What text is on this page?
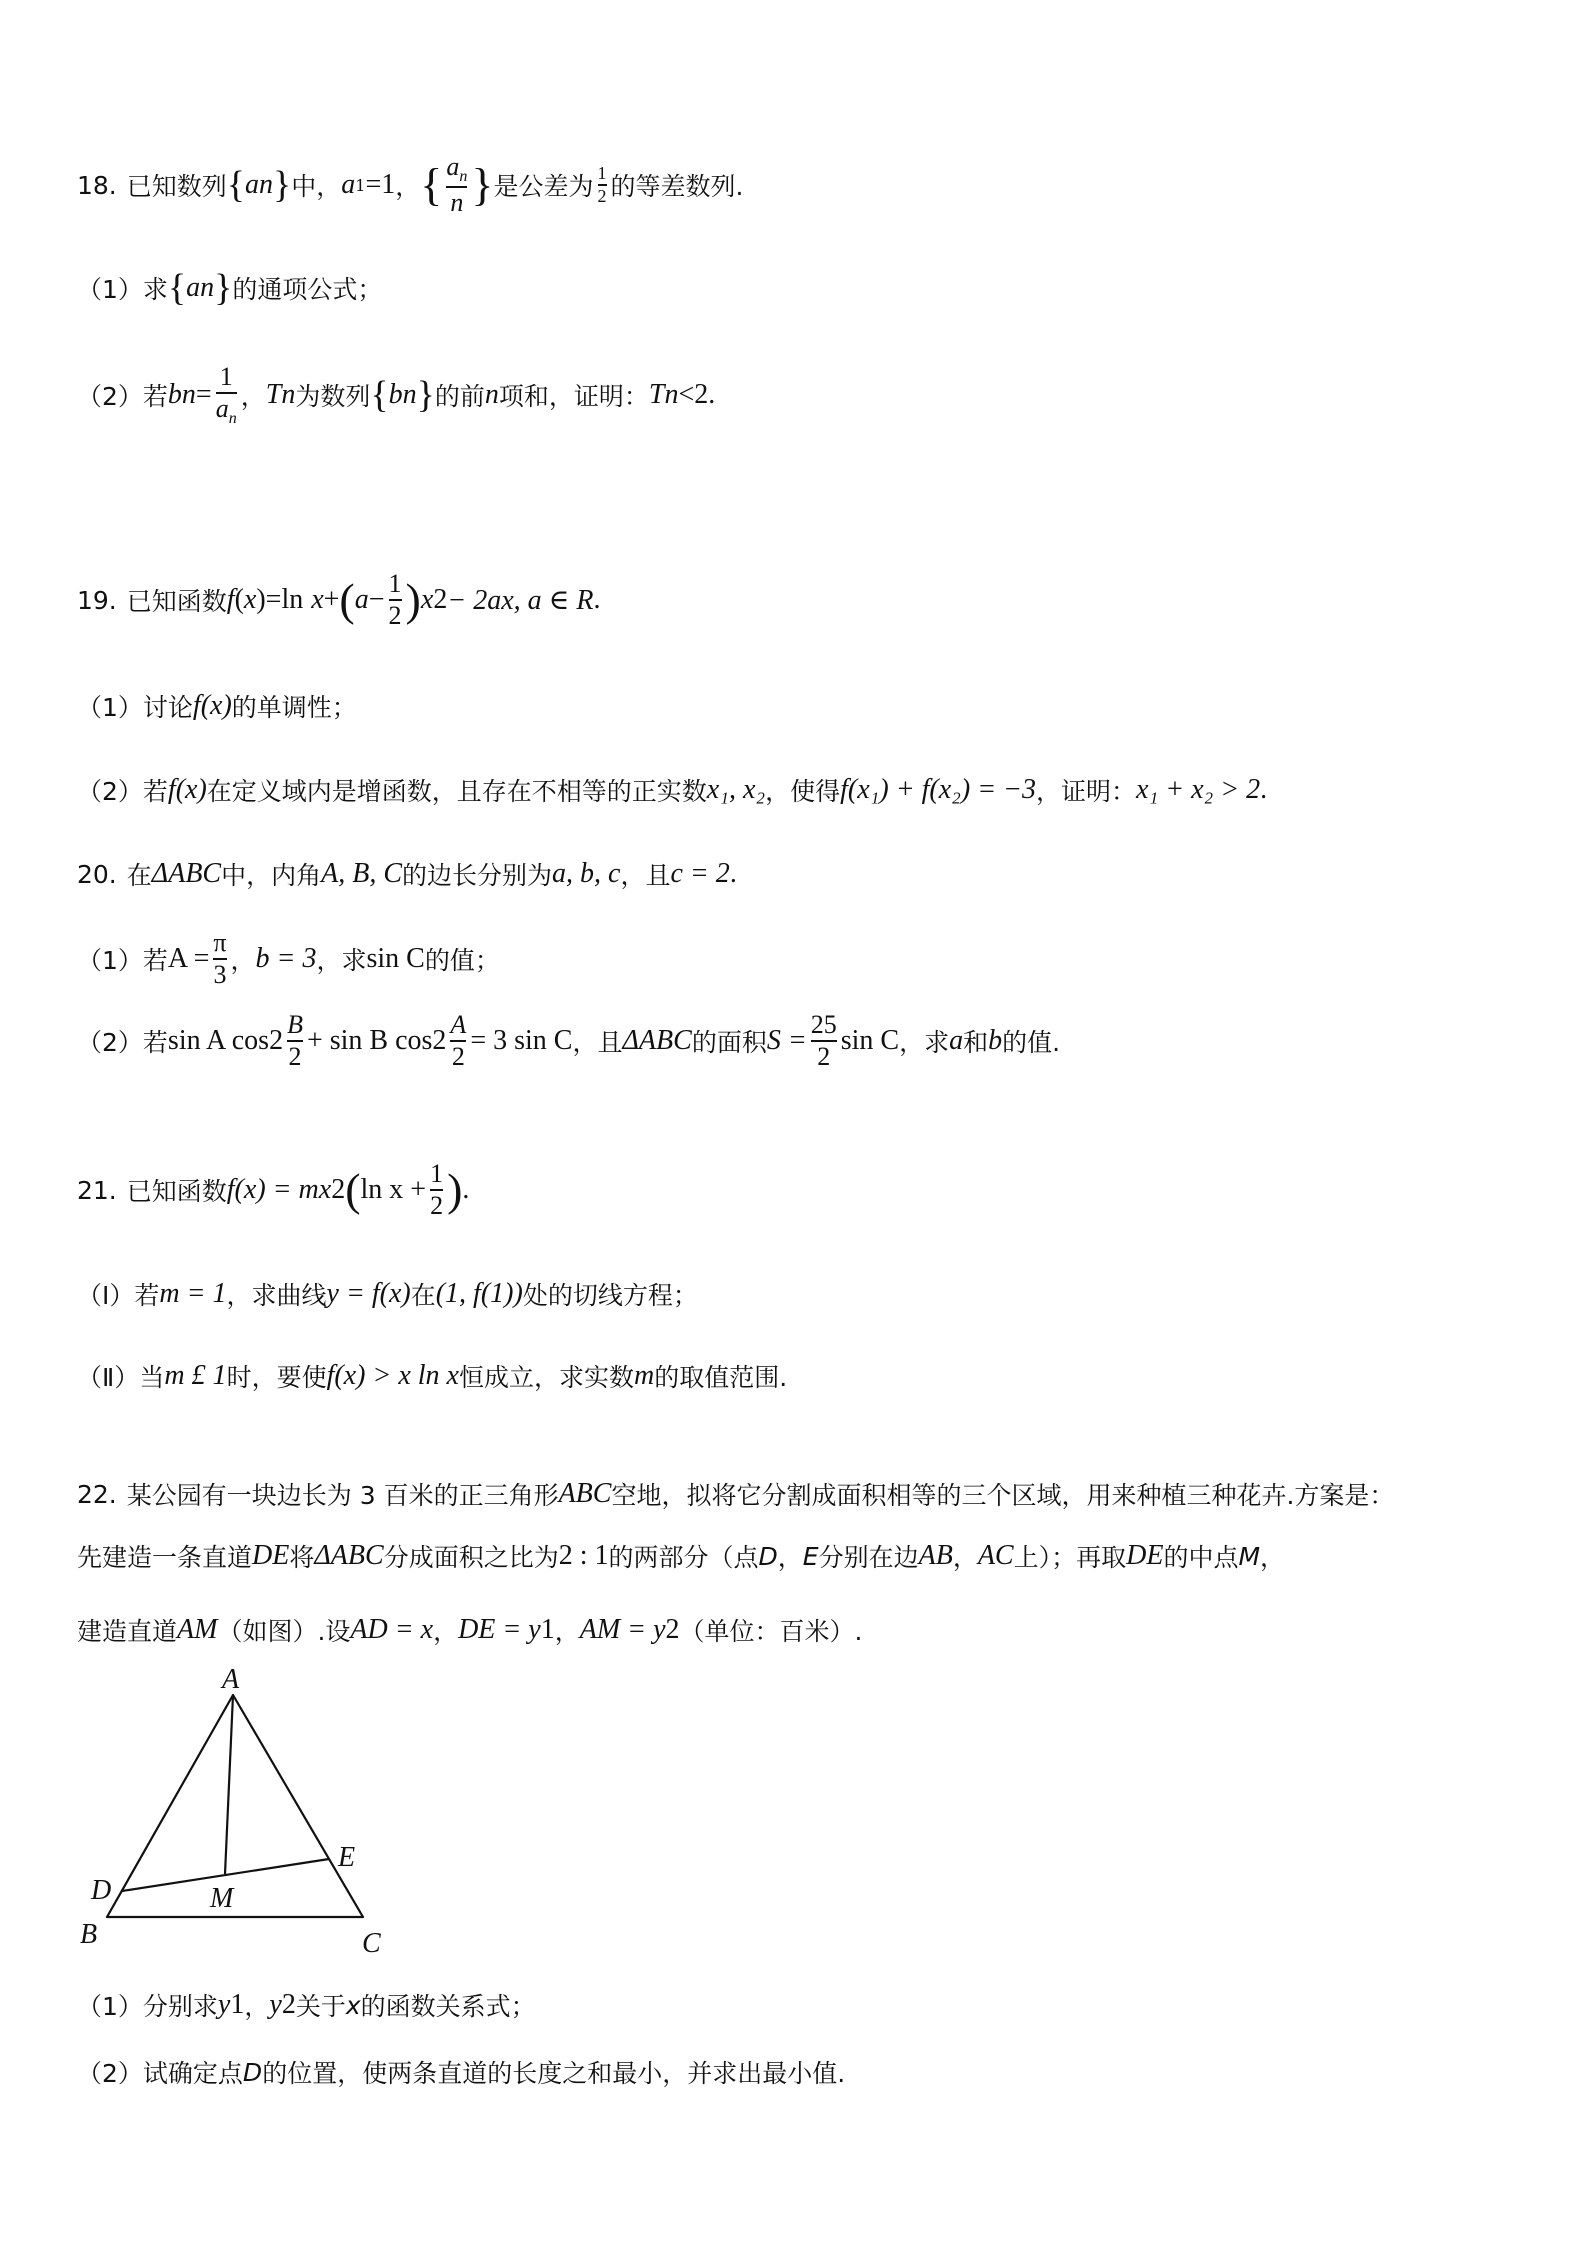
18. 已知数列 { a n } 中， a 1 =1 ， { $\frac{a_n}{n}$ } 是公差为 $\frac{1}{2}$ 的等差数列.
（1） 求 { a n } 的通项公式；
（2） 若 b $n = \frac{1}{a_n}$ ， T n 为数列 { b n } 的前 n 项和，证明： T n <2 .
19. 已知函数 f ( x ) = ln
x + ( $a - \frac{1}{2}$ ) x 2 − 2ax, a ∈ R .
（1） 讨论 f(x) 的单调性；
（2） 若 f(x) 在定义域内是增函数，且存在不相等的正实数 x₁, x₂ ，使得 f(x₁) + f(x₂) = −3 ，证明： x₁ + x₂ > 2 .
20. 在 ΔABC 中，内角 A, B, C 的边长分别为 a, b, c ，且 c = 2 .
（1） 若 $A = \frac{\pi}{3}$ ， b = 3 ，求 sin C 的值；
（2） 若 sin A $\cos 2 \frac{B}{2} + \sin B$ $\cos 2 \frac{A}{2} = 3$ sin C ，且 ΔABC 的面积 $S = \frac{25}{2}$ sin C ，求 a 和 b 的值.
21. 已知函数 f(x) = mx 2 ( $\ln x + \frac{1}{2}$ ) .
（Ⅰ） 若 m = 1 ，求曲线 y = f(x) 在 (1, f(1)) 处的切线方程；
（Ⅱ） 当 m £ 1 时，要使 f(x) > x ln x 恒成立，求实数 m 的取值范围.
22. 某公园有一块边长为 3 百米的正三角形 ABC 空地，拟将它分割成面积相等的三个区域，用来种植三种花卉.方案是：
先建造一条直道 DE 将 ΔABC 分成面积之比为 2 : 1 的两部分（点 D ， E 分别在边 AB ， AC 上）；再取 DE 的中点 M ，
建造直道 AM （如图）.设 AD = x ， DE = y 1 ， AM = y 2 （单位：百米）.
A
B	C
D
E
M
（1） 分别求 y 1 ， y 2 关于 x 的函数关系式；
（2） 试确定点 D 的位置，使两条直道的长度之和最小，并求出最小值.
